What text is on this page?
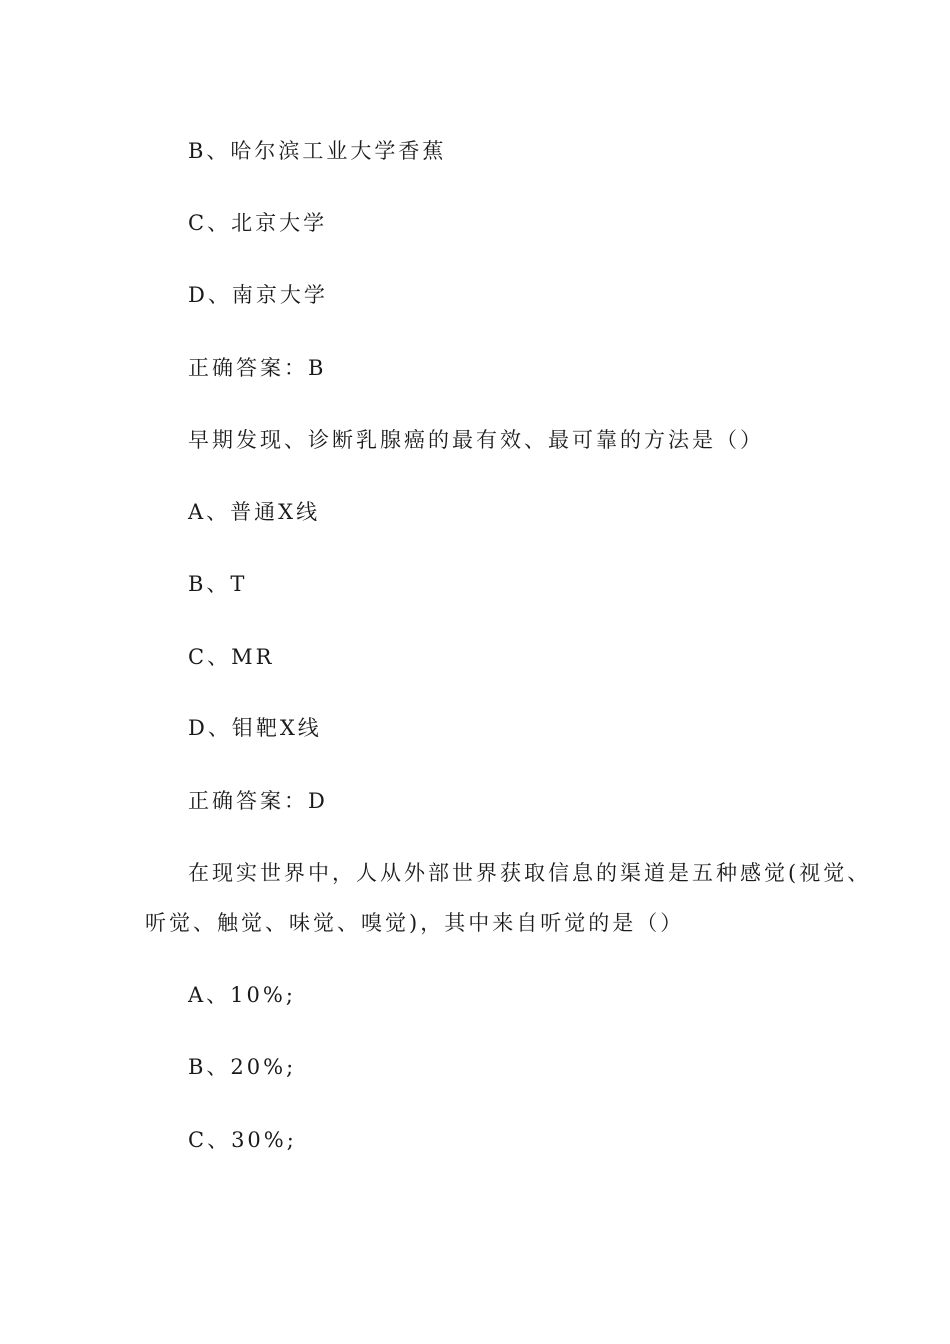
B、哈尔滨工业大学香蕉
C、北京大学
D、南京大学
正确答案：B
早期发现、诊断乳腺癌的最有效、最可靠的方法是（）
A、普通X线
B、T
C、MR
D、钼靶X线
正确答案：D
在现实世界中，人从外部世界获取信息的渠道是五种感觉(视觉、
听觉、触觉、味觉、嗅觉)，其中来自听觉的是（）
A、10%;
B、20%;
C、30%;
